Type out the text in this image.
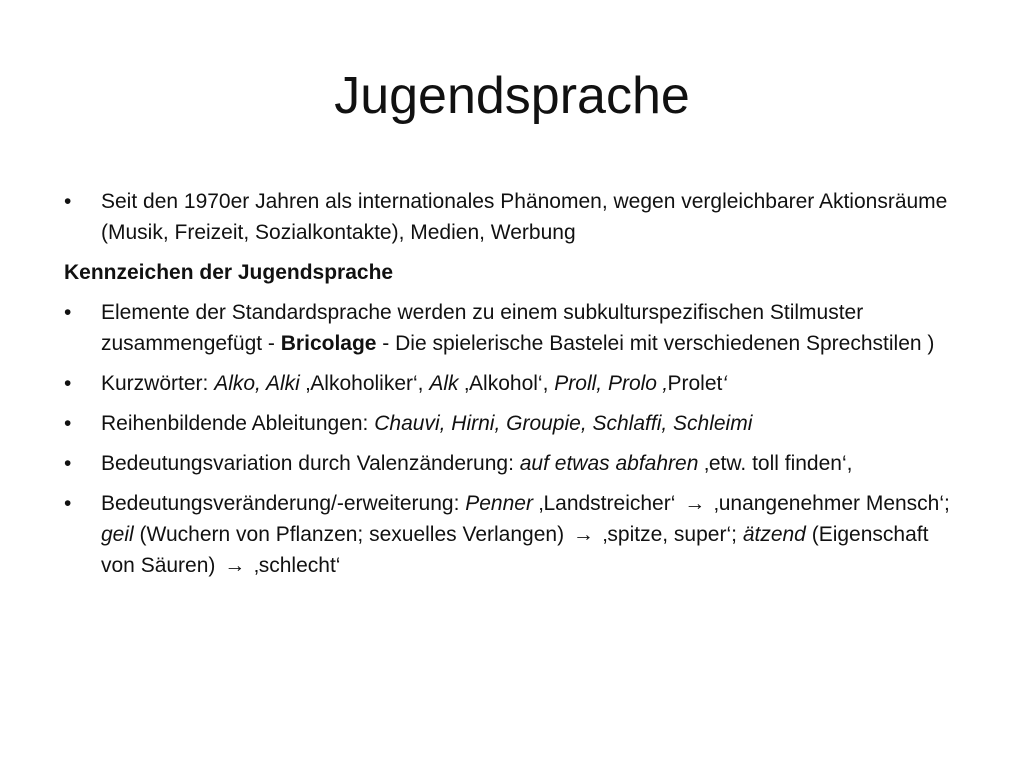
Jugendsprache
•	Seit den 1970er Jahren als internationales Phänomen, wegen vergleichbarer Aktionsräume (Musik, Freizeit, Sozialkontakte), Medien, Werbung
Kennzeichen der Jugendsprache
•	Elemente der Standardsprache werden zu einem subkulturspezifischen Stilmuster zusammengefügt - Bricolage - Die spielerische Bastelei mit verschiedenen Sprechstilen )
•	Kurzwörter: Alko, Alki ‚Alkoholiker‘, Alk ‚Alkohol‘, Proll, Prolo ‚Prolet‘
•	Reihenbildende Ableitungen: Chauvi, Hirni, Groupie, Schlaffi, Schleimi
•	Bedeutungsvariation durch Valenzänderung: auf etwas abfahren ‚etw. toll finden‘,
•	Bedeutungsveränderung/-erweiterung: Penner ‚Landstreicher‘ → ‚unangenehmer Mensch‘; geil (Wuchern von Pflanzen; sexuelles Verlangen) → ‚spitze, super‘; ätzend (Eigenschaft von Säuren) → ‚schlecht‘
